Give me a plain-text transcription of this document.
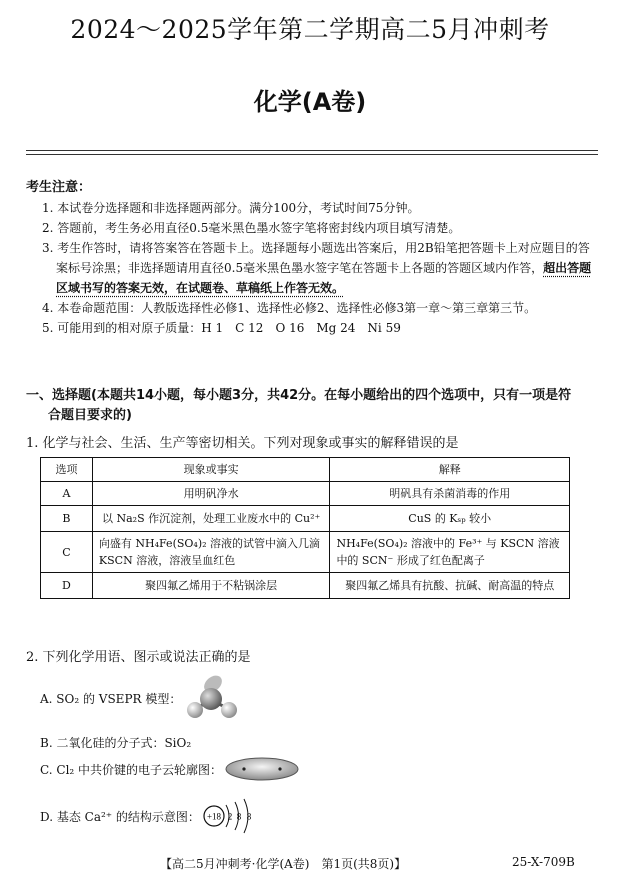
2024～2025学年第二学期高二5月冲刺考
化学(A卷)
考生注意：
1. 本试卷分选择题和非选择题两部分。满分100分，考试时间75分钟。
2. 答题前，考生务必用直径0.5毫米黑色墨水签字笔将密封线内项目填写清楚。
3. 考生作答时，请将答案答在答题卡上。选择题每小题选出答案后，用2B铅笔把答题卡上对应题目的答案标号涂黑；非选择题请用直径0.5毫米黑色墨水签字笔在答题卡上各题的答题区域内作答，超出答题区域书写的答案无效，在试题卷、草稿纸上作答无效。
4. 本卷命题范围：人教版选择性必修1、选择性必修2、选择性必修3第一章～第三章第三节。
5. 可能用到的相对原子质量：H 1　C 12　O 16　Mg 24　Ni 59
一、选择题(本题共14小题，每小题3分，共42分。在每小题给出的四个选项中，只有一项是符
合题目要求的)
1. 化学与社会、生活、生产等密切相关。下列对现象或事实的解释错误的是
选项	现象或事实	解释
A	用明矾净水	明矾具有杀菌消毒的作用
B	以 Na₂S 作沉淀剂，处理工业废水中的 Cu²⁺	CuS 的 Kₛₚ 较小
C	向盛有 NH₄Fe(SO₄)₂ 溶液的试管中滴入几滴 KSCN 溶液，溶液呈血红色	NH₄Fe(SO₄)₂ 溶液中的 Fe³⁺ 与 KSCN 溶液中的 SCN⁻ 形成了红色配离子
D	聚四氟乙烯用于不粘锅涂层	聚四氟乙烯具有抗酸、抗碱、耐高温的特点
2. 下列化学用语、图示或说法正确的是
A. SO₂ 的 VSEPR 模型：
B. 二氧化硅的分子式：SiO₂
C. Cl₂ 中共价键的电子云轮廓图：
D. 基态 Ca²⁺ 的结构示意图： +18 2 8 8
【高二5月冲刺考·化学(A卷)　第1页(共8页)】	25-X-709B
